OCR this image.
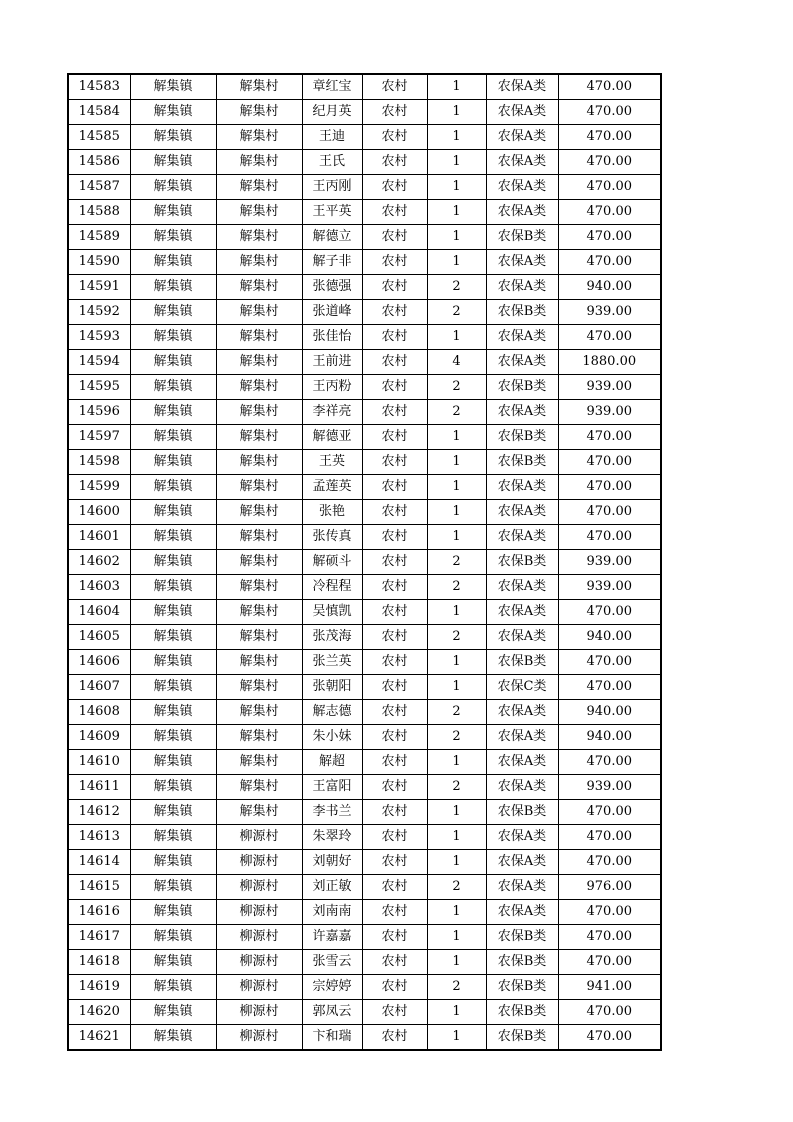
14583	解集镇	解集村	章红宝	农村	1	农保A类	470.00
14584	解集镇	解集村	纪月英	农村	1	农保A类	470.00
14585	解集镇	解集村	王迪	农村	1	农保A类	470.00
14586	解集镇	解集村	王氏	农村	1	农保A类	470.00
14587	解集镇	解集村	王丙刚	农村	1	农保A类	470.00
14588	解集镇	解集村	王平英	农村	1	农保A类	470.00
14589	解集镇	解集村	解德立	农村	1	农保B类	470.00
14590	解集镇	解集村	解子非	农村	1	农保A类	470.00
14591	解集镇	解集村	张德强	农村	2	农保A类	940.00
14592	解集镇	解集村	张道峰	农村	2	农保B类	939.00
14593	解集镇	解集村	张佳怡	农村	1	农保A类	470.00
14594	解集镇	解集村	王前进	农村	4	农保A类	1880.00
14595	解集镇	解集村	王丙粉	农村	2	农保B类	939.00
14596	解集镇	解集村	李祥亮	农村	2	农保A类	939.00
14597	解集镇	解集村	解德亚	农村	1	农保B类	470.00
14598	解集镇	解集村	王英	农村	1	农保B类	470.00
14599	解集镇	解集村	孟莲英	农村	1	农保A类	470.00
14600	解集镇	解集村	张艳	农村	1	农保A类	470.00
14601	解集镇	解集村	张传真	农村	1	农保A类	470.00
14602	解集镇	解集村	解硕斗	农村	2	农保B类	939.00
14603	解集镇	解集村	冷程程	农村	2	农保A类	939.00
14604	解集镇	解集村	吴慎凯	农村	1	农保A类	470.00
14605	解集镇	解集村	张茂海	农村	2	农保A类	940.00
14606	解集镇	解集村	张兰英	农村	1	农保B类	470.00
14607	解集镇	解集村	张朝阳	农村	1	农保C类	470.00
14608	解集镇	解集村	解志德	农村	2	农保A类	940.00
14609	解集镇	解集村	朱小妹	农村	2	农保A类	940.00
14610	解集镇	解集村	解超	农村	1	农保A类	470.00
14611	解集镇	解集村	王富阳	农村	2	农保A类	939.00
14612	解集镇	解集村	李书兰	农村	1	农保B类	470.00
14613	解集镇	柳源村	朱翠玲	农村	1	农保A类	470.00
14614	解集镇	柳源村	刘朝好	农村	1	农保A类	470.00
14615	解集镇	柳源村	刘正敏	农村	2	农保A类	976.00
14616	解集镇	柳源村	刘南南	农村	1	农保A类	470.00
14617	解集镇	柳源村	许嘉嘉	农村	1	农保B类	470.00
14618	解集镇	柳源村	张雪云	农村	1	农保B类	470.00
14619	解集镇	柳源村	宗婷婷	农村	2	农保B类	941.00
14620	解集镇	柳源村	郭凤云	农村	1	农保B类	470.00
14621	解集镇	柳源村	卞和瑞	农村	1	农保B类	470.00
